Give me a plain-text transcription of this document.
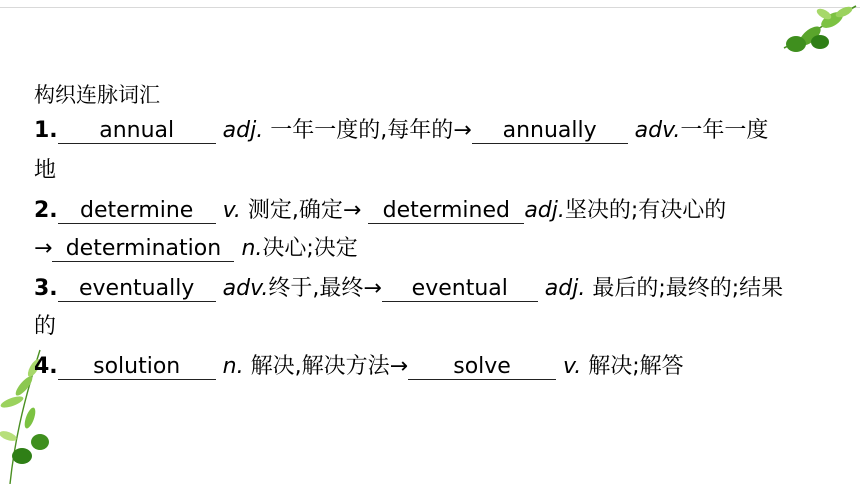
构织连脉词汇
1. annual adj. 一年一度的,每年的→ annually adv.一年一度
地
2. determine v. 测定,确定→ determined adj.坚决的;有决心的
→ determination n.决心;决定
3. eventually adv.终于,最终→ eventual adj. 最后的;最终的;结果
的
4. solution n. 解决,解决方法→ solve v. 解决;解答
